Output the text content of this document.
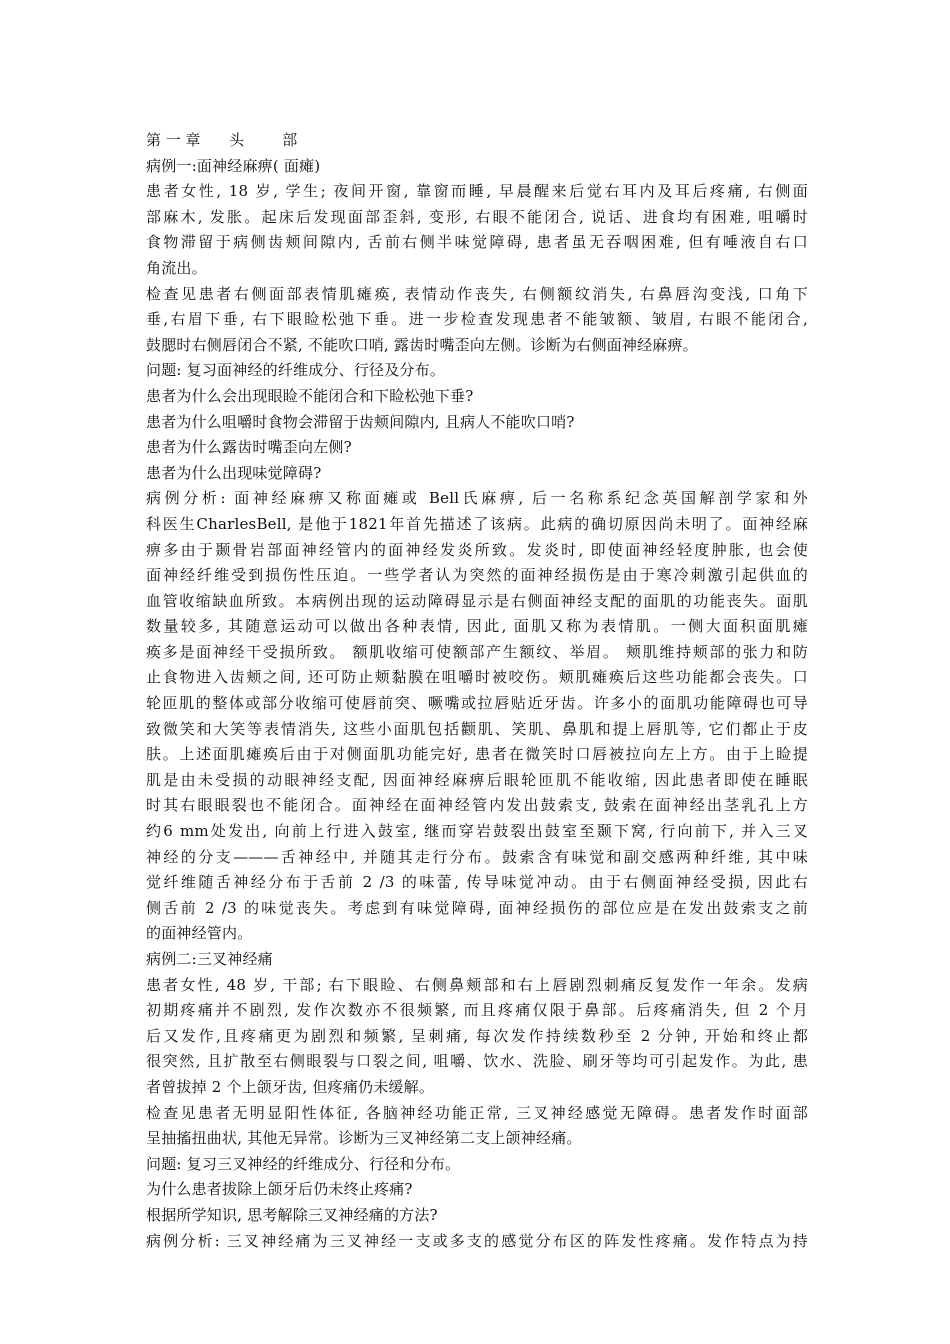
第 一 章      头        部
病例一:面神经麻痹( 面瘫)
患者女性, 18 岁, 学生; 夜间开窗, 靠窗而睡, 早晨醒来后觉右耳内及耳后疼痛, 右侧面
部麻木, 发胀。起床后发现面部歪斜, 变形, 右眼不能闭合, 说话、进食均有困难, 咀嚼时
食物滞留于病侧齿颊间隙内, 舌前右侧半味觉障碍, 患者虽无吞咽困难, 但有唾液自右口
角流出。
检查见患者右侧面部表情肌瘫痪, 表情动作丧失, 右侧额纹消失, 右鼻唇沟变浅, 口角下
垂,右眉下垂, 右下眼睑松弛下垂。进一步检查发现患者不能皱额、皱眉, 右眼不能闭合,
鼓腮时右侧唇闭合不紧, 不能吹口哨, 露齿时嘴歪向左侧。诊断为右侧面神经麻痹。
问题: 复习面神经的纤维成分、行径及分布。
患者为什么会出现眼睑不能闭合和下睑松弛下垂?
患者为什么咀嚼时食物会滞留于齿颊间隙内, 且病人不能吹口哨?
患者为什么露齿时嘴歪向左侧?
患者为什么出现味觉障碍?
病例分析: 面神经麻痹又称面瘫或 Bell氏麻痹, 后一名称系纪念英国解剖学家和外
科医生CharlesBell, 是他于1821年首先描述了该病。此病的确切原因尚未明了。面神经麻
痹多由于颞骨岩部面神经管内的面神经发炎所致。发炎时, 即使面神经轻度肿胀, 也会使
面神经纤维受到损伤性压迫。一些学者认为突然的面神经损伤是由于寒冷刺激引起供血的
血管收缩缺血所致。本病例出现的运动障碍显示是右侧面神经支配的面肌的功能丧失。面肌
数量较多, 其随意运动可以做出各种表情, 因此, 面肌又称为表情肌。一侧大面积面肌瘫
痪多是面神经干受损所致。 额肌收缩可使额部产生额纹、举眉。 颊肌维持颊部的张力和防
止食物进入齿颊之间, 还可防止颊黏膜在咀嚼时被咬伤。颊肌瘫痪后这些功能都会丧失。口
轮匝肌的整体或部分收缩可使唇前突、噘嘴或拉唇贴近牙齿。许多小的面肌功能障碍也可导
致微笑和大笑等表情消失, 这些小面肌包括颧肌、笑肌、鼻肌和提上唇肌等, 它们都止于皮
肤。上述面肌瘫痪后由于对侧面肌功能完好, 患者在微笑时口唇被拉向左上方。由于上睑提
肌是由未受损的动眼神经支配, 因面神经麻痹后眼轮匝肌不能收缩, 因此患者即使在睡眠
时其右眼眼裂也不能闭合。面神经在面神经管内发出鼓索支, 鼓索在面神经出茎乳孔上方
约6 mm处发出, 向前上行进入鼓室, 继而穿岩鼓裂出鼓室至颞下窝, 行向前下, 并入三叉
神经的分支———舌神经中, 并随其走行分布。鼓索含有味觉和副交感两种纤维, 其中味
觉纤维随舌神经分布于舌前 2 /3 的味蕾, 传导味觉冲动。由于右侧面神经受损, 因此右
侧舌前 2 /3 的味觉丧失。考虑到有味觉障碍, 面神经损伤的部位应是在发出鼓索支之前
的面神经管内。
病例二:三叉神经痛
患者女性, 48 岁, 干部; 右下眼睑、右侧鼻颊部和右上唇剧烈刺痛反复发作一年余。发病
初期疼痛并不剧烈, 发作次数亦不很频繁, 而且疼痛仅限于鼻部。后疼痛消失, 但 2 个月
后又发作,且疼痛更为剧烈和频繁, 呈刺痛, 每次发作持续数秒至 2 分钟, 开始和终止都
很突然, 且扩散至右侧眼裂与口裂之间, 咀嚼、饮水、洗脸、刷牙等均可引起发作。为此, 患
者曾拔掉 2 个上颌牙齿, 但疼痛仍未缓解。
检查见患者无明显阳性体征, 各脑神经功能正常, 三叉神经感觉无障碍。患者发作时面部
呈抽搐扭曲状, 其他无异常。诊断为三叉神经第二支上颌神经痛。
问题: 复习三叉神经的纤维成分、行径和分布。
为什么患者拔除上颌牙后仍未终止疼痛?
根据所学知识, 思考解除三叉神经痛的方法?
病例分析: 三叉神经痛为三叉神经一支或多支的感觉分布区的阵发性疼痛。发作特点为持
